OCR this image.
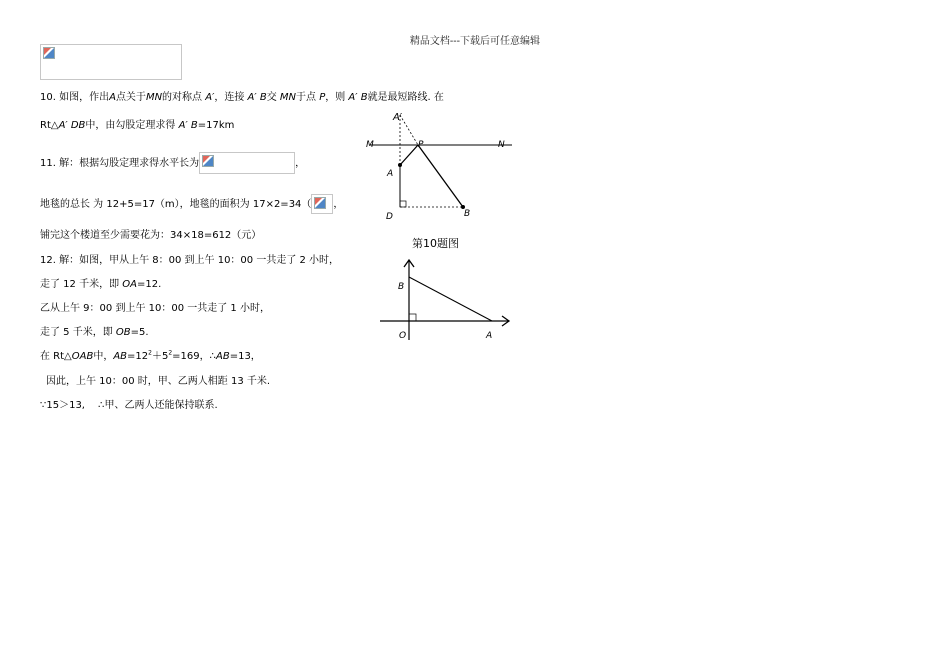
精品文档---下载后可任意编辑
10. 如图，作出A点关于MN的对称点 A′，连接 A′ B交 MN于点 P，则 A′ B就是最短路线. 在
Rt△A′ DB中，由勾股定理求得 A′ B=17km
11. 解：根据勾股定理求得水平长为	，
地毯的总长 为 12+5=17（m），地毯的面积为 17×2=34（ ，
铺完这个楼道至少需要花为：34×18=612（元）
12. 解：如图，甲从上午 8：00 到上午 10：00 一共走了 2 小时，
走了 12 千米，即 OA=12.
乙从上午 9：00 到上午 10：00 一共走了 1 小时，
走了 5 千米，即 OB=5.
在 Rt△OAB中，$AB=12^2+5^2=169$，∴AB=13，
因此，上午 10：00 时，甲、乙两人相距 13 千米.
∵15＞13,　 ∴甲、乙两人还能保持联系.
A′
M	P	N
A
D	B
第10题图
B
O	A
